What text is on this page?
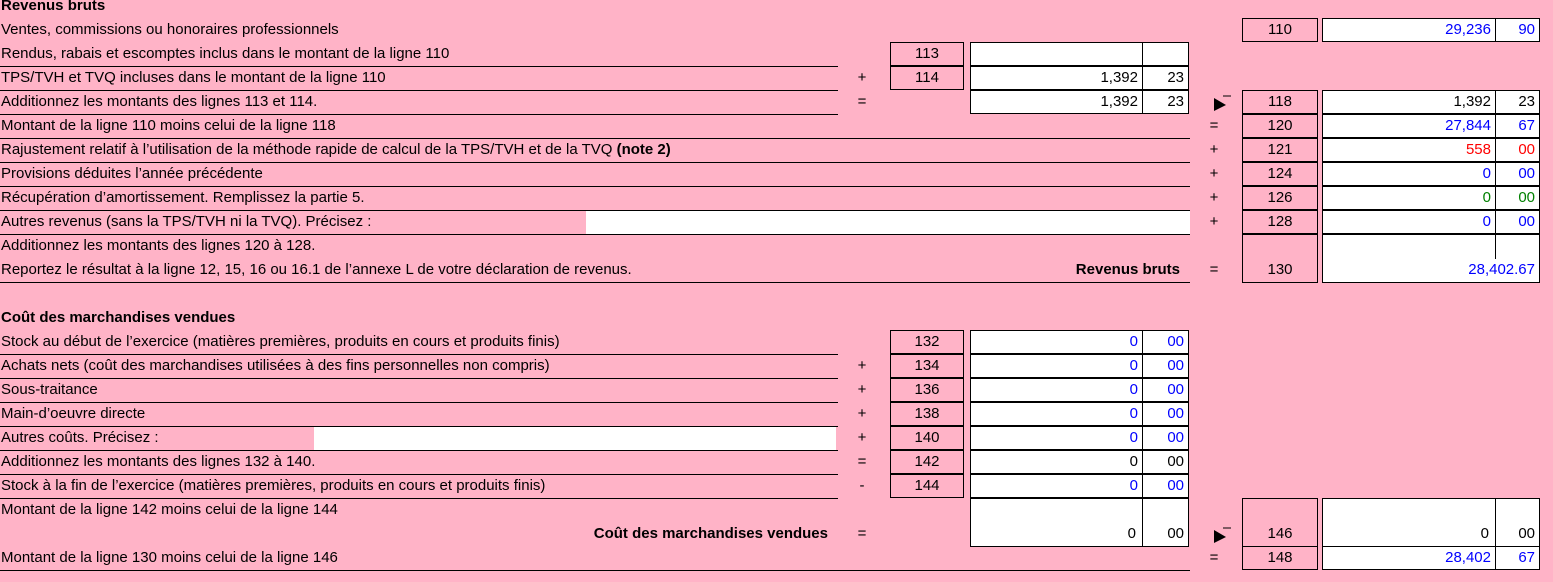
Revenus bruts
Ventes, commissions ou honoraires professionnels	110	29,236	90
Rendus, rabais et escomptes inclus dans le montant de la ligne 110	113
TPS/TVH et TVQ incluses dans le montant de la ligne 110	+	114	1,392	23
Additionnez les montants des lignes 113 et 114.	=	1,392	23	118	1,392	23
Montant de la ligne 110 moins celui de la ligne 118	=	120	27,844	67
Rajustement relatif à l’utilisation de la méthode rapide de calcul de la TPS/TVH et de la TVQ (note 2)	+	121	558	00
Provisions déduites l’année précédente	+	124	0	00
Récupération d’amortissement. Remplissez la partie 5.	+	126	0	00
Autres revenus (sans la TPS/TVH ni la TVQ). Précisez :	+	128	0	00
Additionnez les montants des lignes 120 à 128.
Reportez le résultat à la ligne 12, 15, 16 ou 16.1 de l’annexe L de votre déclaration de revenus.	Revenus bruts	=	130	28,402.67
Coût des marchandises vendues
Stock au début de l’exercice (matières premières, produits en cours et produits finis)	132	0	00
Achats nets (coût des marchandises utilisées à des fins personnelles non compris)	+	134	0	00
Sous-traitance	+	136	0	00
Main-d’oeuvre directe	+	138	0	00
Autres coûts. Précisez :	+	140	0	00
Additionnez les montants des lignes 132 à 140.	=	142	0	00
Stock à la fin de l’exercice (matières premières, produits en cours et produits finis)	-	144	0	00
Montant de la ligne 142 moins celui de la ligne 144
Coût des marchandises vendues	=	0 00	146	0 00
Montant de la ligne 130 moins celui de la ligne 146	=	148	28,402	67
